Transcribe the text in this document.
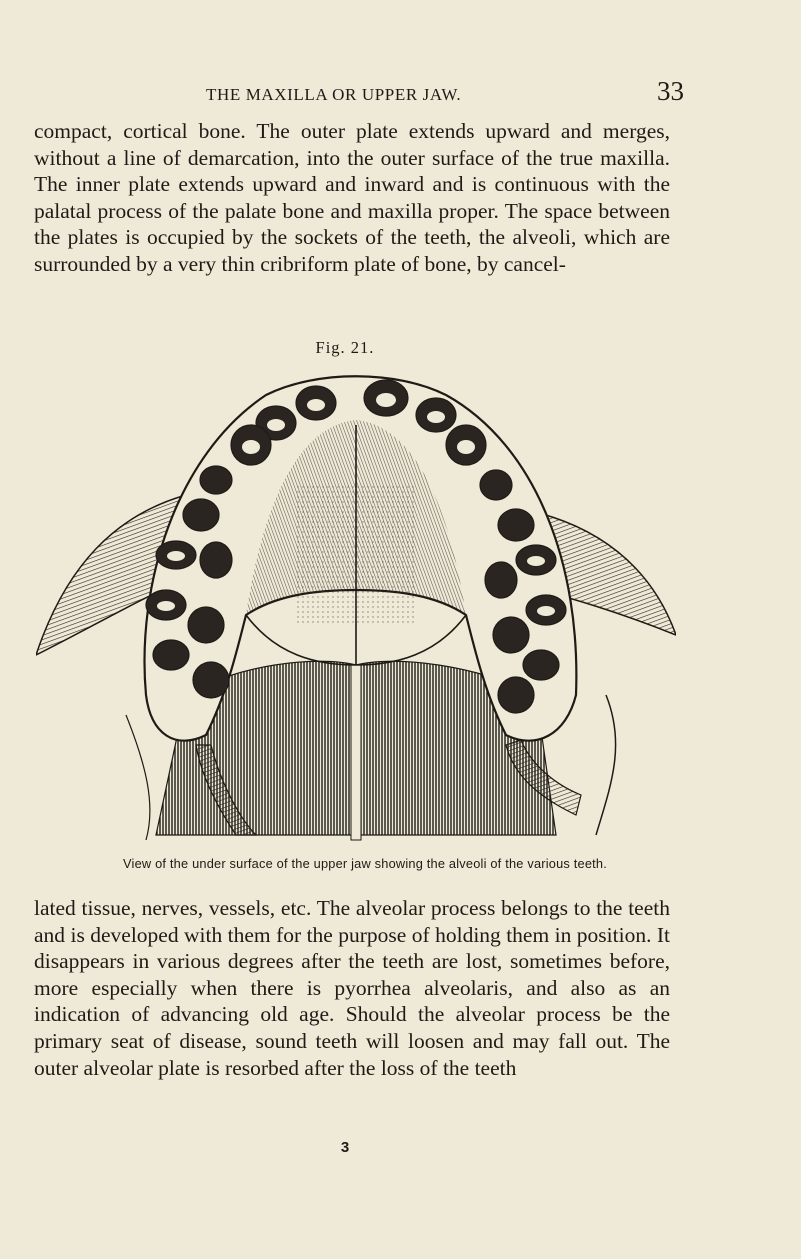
THE MAXILLA OR UPPER JAW.	33

compact, cortical bone. The outer plate extends upward and merges, without a line of demarcation, into the outer surface of the true maxilla. The inner plate extends upward and inward and is continuous with the palatal process of the palate bone and maxilla proper. The space between the plates is occupied by the sockets of the teeth, the alveoli, which are surrounded by a very thin cribriform plate of bone, by cancel-

Fig. 21.
View of the under surface of the upper jaw showing the alveoli of the various teeth.

lated tissue, nerves, vessels, etc. The alveolar process belongs to the teeth and is developed with them for the purpose of holding them in position. It disappears in various degrees after the teeth are lost, sometimes before, more especially when there is pyorrhea alveolaris, and also as an indication of advancing old age. Should the alveolar process be the primary seat of disease, sound teeth will loosen and may fall out. The outer alveolar plate is resorbed after the loss of the teeth

3
